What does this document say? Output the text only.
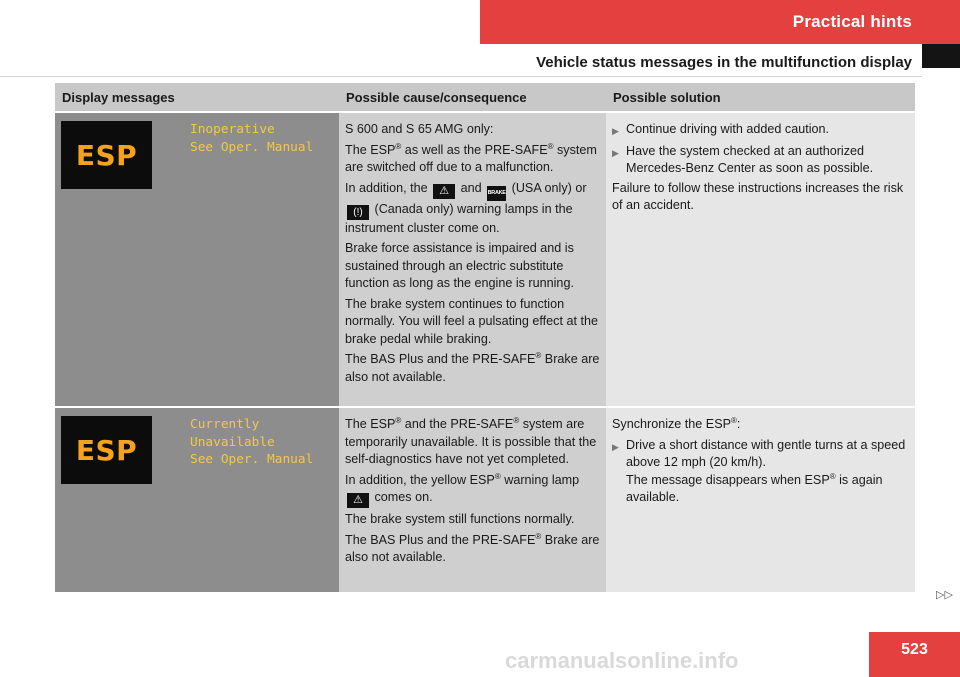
Practical hints
Vehicle status messages in the multifunction display
Display messages	Possible cause/consequence	Possible solution
ESP
Inoperative
See Oper. Manual

S 600 and S 65 AMG only:

The ESP® as well as the PRE-SAFE® system are switched off due to a malfunction.

In addition, the ⚠ and BRAKE (USA only) or (!) (Canada only) warning lamps in the instrument cluster come on.

Brake force assistance is impaired and is sustained through an electric substitute function as long as the engine is running.

The brake system continues to function normally. You will feel a pulsating effect at the brake pedal while braking.

The BAS Plus and the PRE-SAFE® Brake are also not available.

▶ Continue driving with added caution.
▶ Have the system checked at an authorized Mercedes-Benz Center as soon as possible.

Failure to follow these instructions increases the risk of an accident.

ESP
Currently
Unavailable
See Oper. Manual

The ESP® and the PRE-SAFE® system are temporarily unavailable. It is possible that the self-diagnostics have not yet completed.

In addition, the yellow ESP® warning lamp ⚠ comes on.

The brake system still functions normally.

The BAS Plus and the PRE-SAFE® Brake are also not available.

Synchronize the ESP®:

▶ Drive a short distance with gentle turns at a speed above 12 mph (20 km/h).
The message disappears when ESP® is again available.
▷▷
523
carmanualsonline.info
